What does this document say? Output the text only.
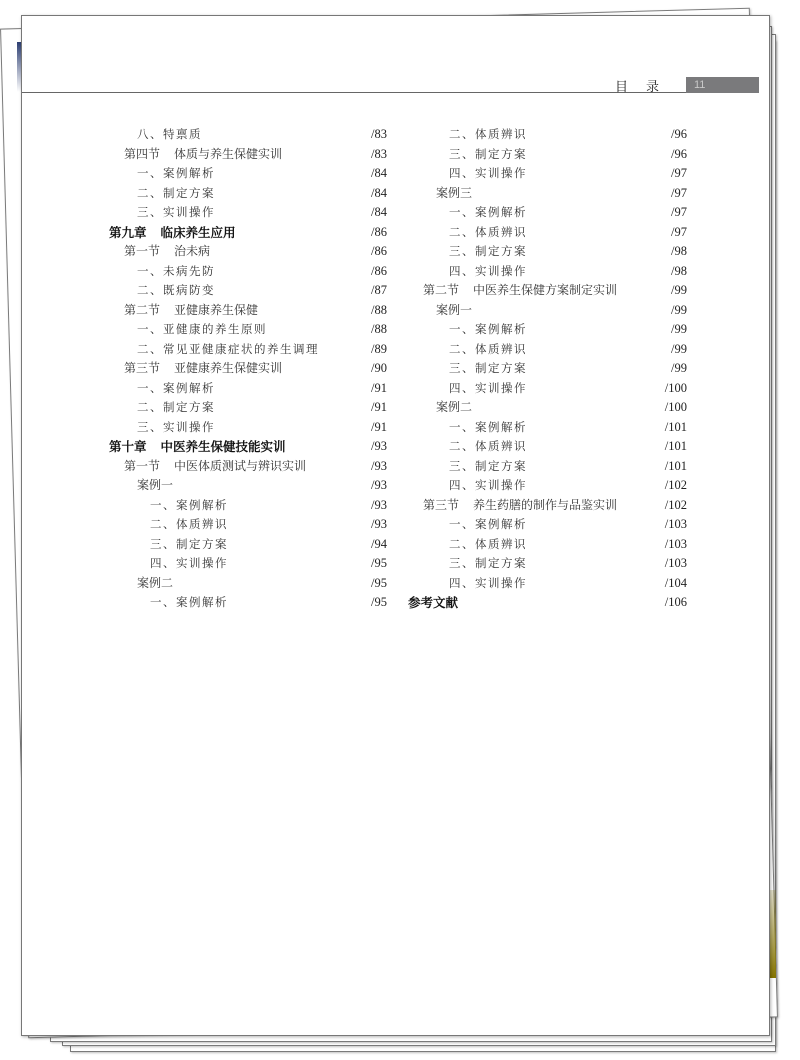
目录	11
八、特禀质	/83
第四节 体质与养生保健实训	/83
一、案例解析	/84
二、制定方案	/84
三、实训操作	/84
第九章 临床养生应用	/86
第一节 治未病	/86
一、未病先防	/86
二、既病防变	/87
第二节 亚健康养生保健	/88
一、亚健康的养生原则	/88
二、常见亚健康症状的养生调理	/89
第三节 亚健康养生保健实训	/90
一、案例解析	/91
二、制定方案	/91
三、实训操作	/91
第十章 中医养生保健技能实训	/93
第一节 中医体质测试与辨识实训	/93
案例一	/93
一、案例解析	/93
二、体质辨识	/93
三、制定方案	/94
四、实训操作	/95
案例二	/95
一、案例解析	/95
二、体质辨识	/96
三、制定方案	/96
四、实训操作	/97
案例三	/97
一、案例解析	/97
二、体质辨识	/97
三、制定方案	/98
四、实训操作	/98
第二节 中医养生保健方案制定实训	/99
案例一	/99
一、案例解析	/99
二、体质辨识	/99
三、制定方案	/99
四、实训操作	/100
案例二	/100
一、案例解析	/101
二、体质辨识	/101
三、制定方案	/101
四、实训操作	/102
第三节 养生药膳的制作与品鉴实训	/102
一、案例解析	/103
二、体质辨识	/103
三、制定方案	/103
四、实训操作	/104
参考文献	/106
